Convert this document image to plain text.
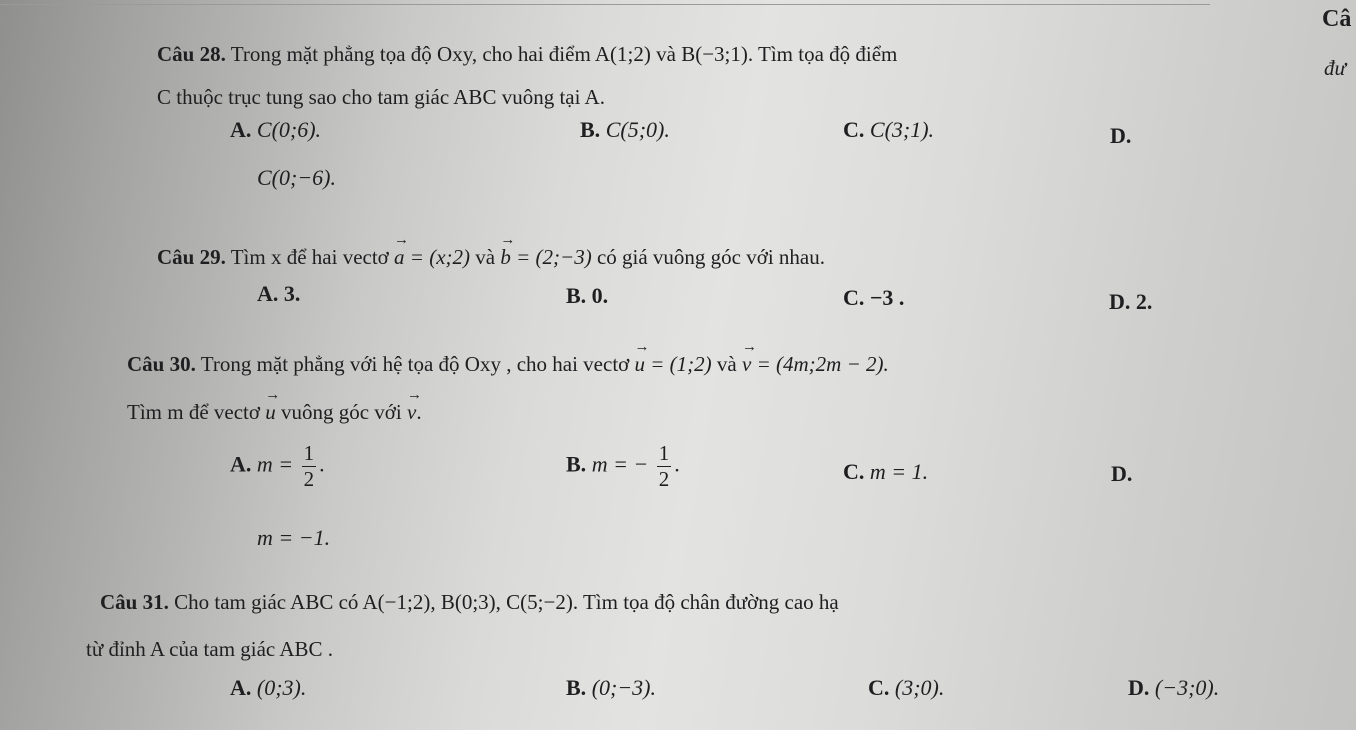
Câ
đư
Câu 28. Trong mặt phẳng tọa độ Oxy, cho hai điểm A(1;2) và B(−3;1). Tìm tọa độ điểm
C thuộc trục tung sao cho tam giác ABC vuông tại A.
A. C(0;6).	B. C(5;0).	C. C(3;1).	D.
C(0;−6).
Câu 29. Tìm x để hai vectơ → a = (x;2) và → b = (2;−3) có giá vuông góc với nhau.
A. 3.	B. 0.	C. −3 .	D. 2.
Câu 30. Trong mặt phẳng với hệ tọa độ Oxy , cho hai vectơ → u = (1;2) và → v = (4m;2m − 2).
Tìm m để vectơ → u vuông góc với → v.
A. $m = \frac{1}{2}$ .	B. m = − $\frac{1}{2}$ .	C. m = 1.	D.
m = −1.
Câu 31. Cho tam giác ABC có A(−1;2), B(0;3), C(5;−2). Tìm tọa độ chân đường cao hạ
từ đỉnh A của tam giác ABC .
A. (0;3).	B. (0;−3).	C. (3;0).	D. (−3;0).
